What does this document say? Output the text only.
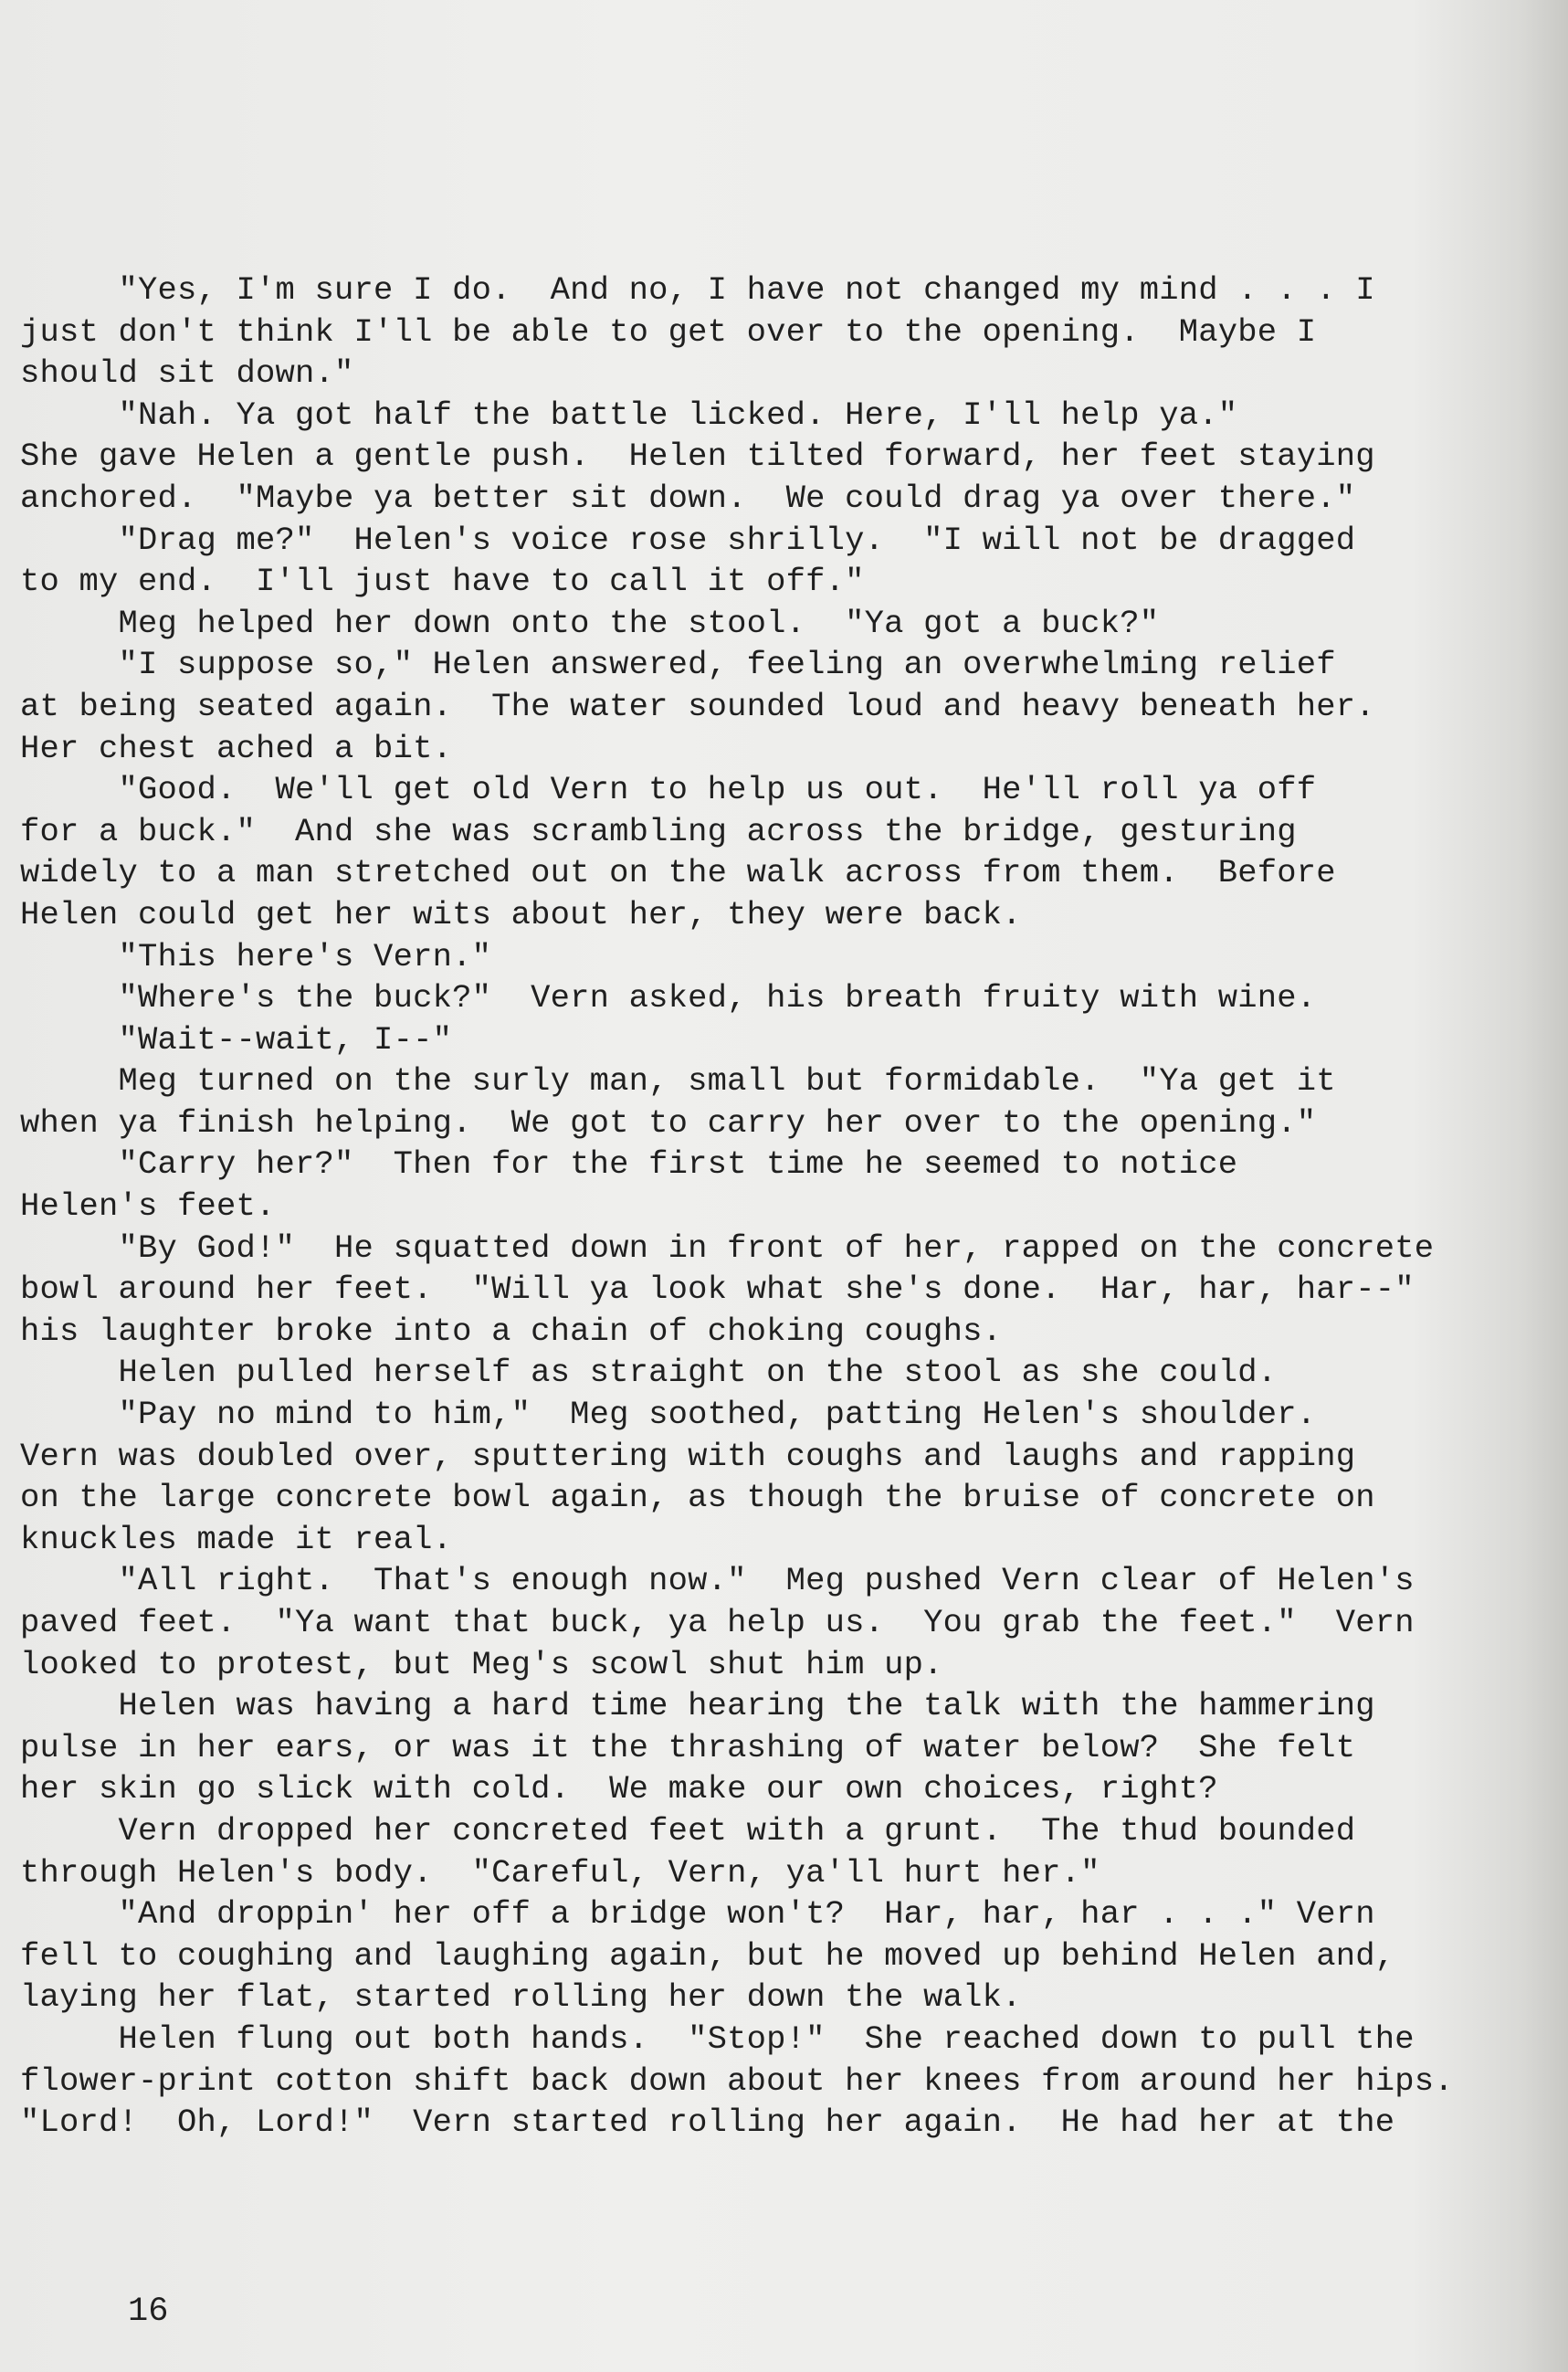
"Yes, I'm sure I do.  And no, I have not changed my mind . . . I
just don't think I'll be able to get over to the opening.  Maybe I
should sit down."
"Nah. Ya got half the battle licked. Here, I'll help ya."
She gave Helen a gentle push.  Helen tilted forward, her feet staying
anchored.  "Maybe ya better sit down.  We could drag ya over there."
"Drag me?"  Helen's voice rose shrilly.  "I will not be dragged
to my end.  I'll just have to call it off."
Meg helped her down onto the stool.  "Ya got a buck?"
"I suppose so," Helen answered, feeling an overwhelming relief
at being seated again.  The water sounded loud and heavy beneath her.
Her chest ached a bit.
"Good.  We'll get old Vern to help us out.  He'll roll ya off
for a buck."  And she was scrambling across the bridge, gesturing
widely to a man stretched out on the walk across from them.  Before
Helen could get her wits about her, they were back.
"This here's Vern."
"Where's the buck?"  Vern asked, his breath fruity with wine.
"Wait--wait, I--"
Meg turned on the surly man, small but formidable.  "Ya get it
when ya finish helping.  We got to carry her over to the opening."
"Carry her?"  Then for the first time he seemed to notice
Helen's feet.
"By God!"  He squatted down in front of her, rapped on the concrete
bowl around her feet.  "Will ya look what she's done.  Har, har, har--"
his laughter broke into a chain of choking coughs.
Helen pulled herself as straight on the stool as she could.
"Pay no mind to him,"  Meg soothed, patting Helen's shoulder.
Vern was doubled over, sputtering with coughs and laughs and rapping
on the large concrete bowl again, as though the bruise of concrete on
knuckles made it real.
"All right.  That's enough now."  Meg pushed Vern clear of Helen's
paved feet.  "Ya want that buck, ya help us.  You grab the feet."  Vern
looked to protest, but Meg's scowl shut him up.
Helen was having a hard time hearing the talk with the hammering
pulse in her ears, or was it the thrashing of water below?  She felt
her skin go slick with cold.  We make our own choices, right?
Vern dropped her concreted feet with a grunt.  The thud bounded
through Helen's body.  "Careful, Vern, ya'll hurt her."
"And droppin' her off a bridge won't?  Har, har, har . . ." Vern
fell to coughing and laughing again, but he moved up behind Helen and,
laying her flat, started rolling her down the walk.
Helen flung out both hands.  "Stop!"  She reached down to pull the
flower-print cotton shift back down about her knees from around her hips.
"Lord!  Oh, Lord!"  Vern started rolling her again.  He had her at the
16
